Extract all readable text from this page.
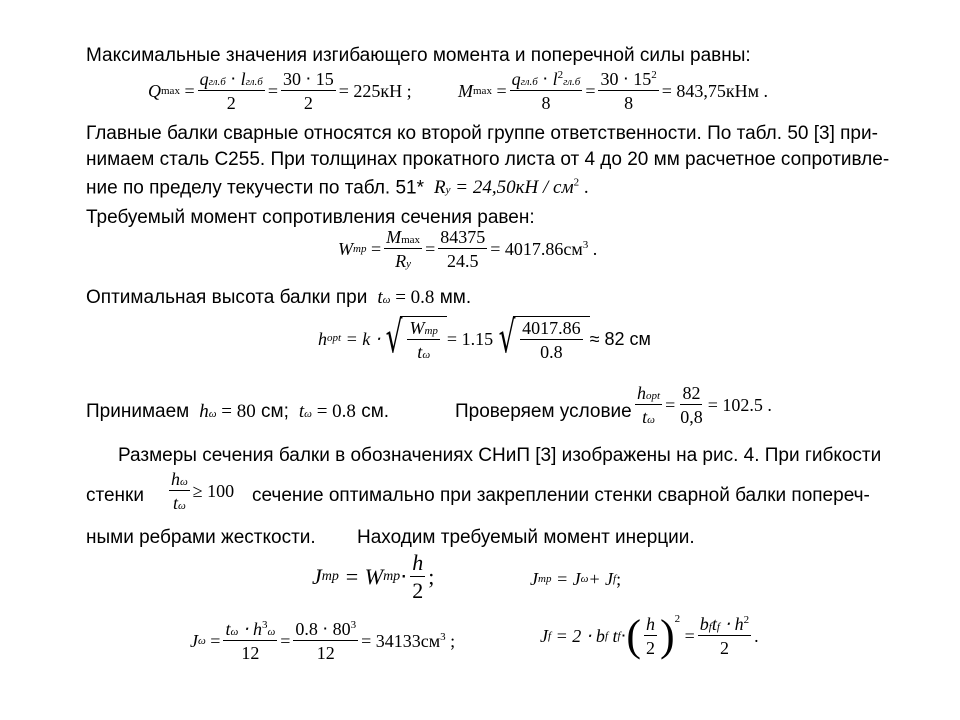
Максимальные значения изгибающего момента и поперечной силы равны:
Q $\max = \frac{\text{qгл.б ⋅ lгл.б}}{2} = \frac{30 \cdot 15}{2} = 225кН$ ;	M $\max = \frac{qгл.б \cdot l^2гл.б}{8} = \frac{30 \cdot 15^2}{8} = 843,75кНм$ .
Главные балки сварные относятся ко второй группе ответственности. По табл. 50 [3] при-
нимаем сталь С255. При толщинах прокатного листа от 4 до 20 мм расчетное сопротивле-
ние по пределу текучести по табл. 51* $Ry = 24,50кН / см^2$ .
Требуемый момент сопротивления сечения равен:
W тр = $\frac{Mmax}{Ry} = \frac{84375}{24.5} = 4017.86см^3$ .
Оптимальная высота балки при tω = 0.8 мм.
h opt = k ⋅ √ $\frac{\text{Wтр}}{t\omega} = 1.15$ √ $\frac{4017.86}{0.8} \approx 82$ см
Принимаем hω = 80 см; tω = 0.8 см.	Проверяем условие $\frac{\text{hopt}}{t\omega} = \frac{82}{0,8} = 102.5$ .
Размеры сечения балки в обозначениях СНиП [3] изображены на рис. 4. При гибкости
стенки $\frac{h\omega}{t\omega} \ge 100$ сечение оптимально при закреплении стенки сварной балки попереч-
ными ребрами жесткости. Находим требуемый момент инерции.
J mp = W mp ⋅ $\frac{h}{2}$ ;	J тр = J ω + J f ;
J $\omega = \frac{t\omega \cdot h^3\omega}{12} = \frac{0.8 \cdot 80^3}{12} = 34133см^3$ ;	J f = 2 ⋅ b f t f ⋅ ( $\frac{h}{2} )^2$
= $\frac{bftf \cdot h^2}{2}$ .
